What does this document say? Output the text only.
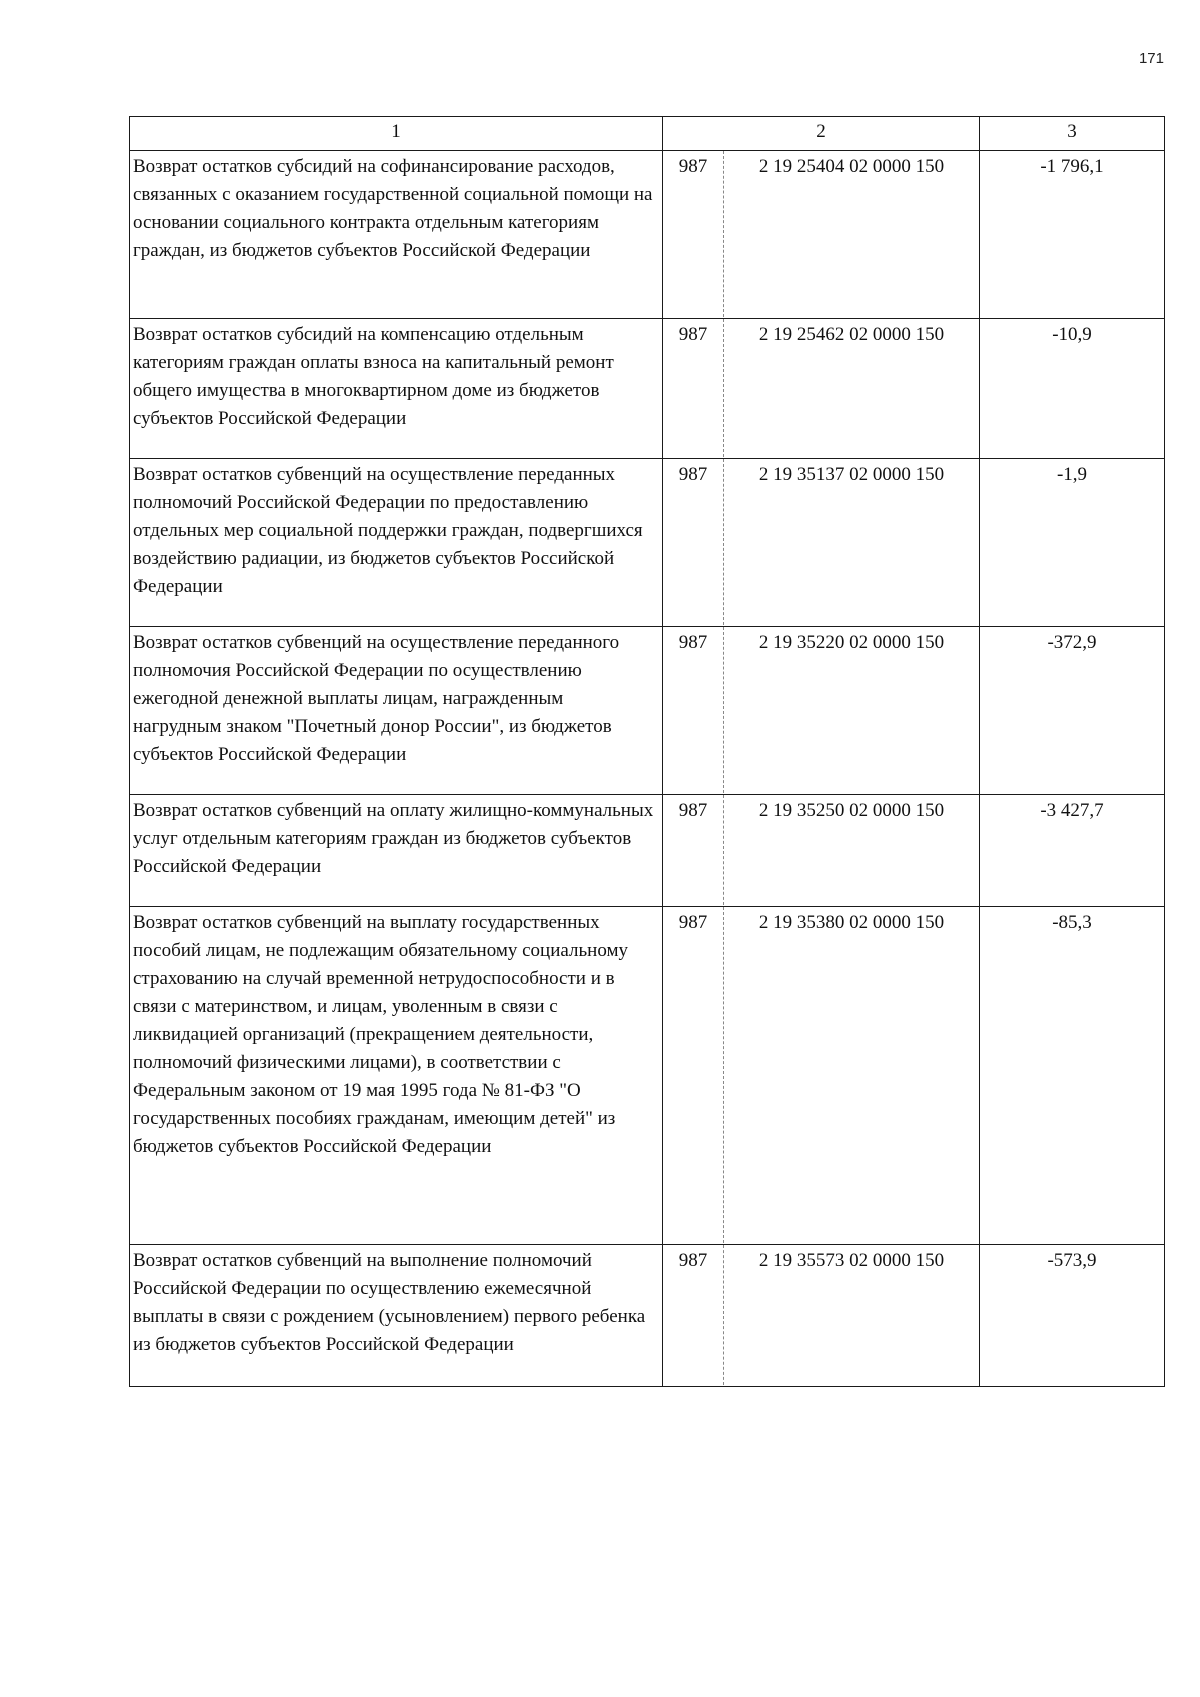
171
1	2	3
Возврат остатков субсидий на софинансирование расходов, связанных с оказанием государственной социальной помощи на основании социального контракта отдельным категориям граждан, из бюджетов субъектов Российской Федерации	987 2 19 25404 02 0000 150	-1 796,1
Возврат остатков субсидий на компенсацию отдельным категориям граждан оплаты взноса на капитальный ремонт общего имущества в многоквартирном доме из бюджетов субъектов Российской Федерации	987 2 19 25462 02 0000 150	-10,9
Возврат остатков субвенций на осуществление переданных полномочий Российской Федерации по предоставлению отдельных мер социальной поддержки граждан, подвергшихся воздействию радиации, из бюджетов субъектов Российской Федерации	987 2 19 35137 02 0000 150	-1,9
Возврат остатков субвенций на осуществление переданного полномочия Российской Федерации по осуществлению ежегодной денежной выплаты лицам, награжденным нагрудным знаком "Почетный донор России", из бюджетов субъектов Российской Федерации	987 2 19 35220 02 0000 150	-372,9
Возврат остатков субвенций на оплату жилищно-коммунальных услуг отдельным категориям граждан из бюджетов субъектов Российской Федерации	987 2 19 35250 02 0000 150	-3 427,7
Возврат остатков субвенций на выплату государственных пособий лицам, не подлежащим обязательному социальному страхованию на случай временной нетрудоспособности и в связи с материнством, и лицам, уволенным в связи с ликвидацией организаций (прекращением деятельности, полномочий физическими лицами), в соответствии с Федеральным законом от 19 мая 1995 года № 81-ФЗ "О государственных пособиях гражданам, имеющим детей" из бюджетов субъектов Российской Федерации	987 2 19 35380 02 0000 150	-85,3
Возврат остатков субвенций на выполнение полномочий Российской Федерации по осуществлению ежемесячной выплаты в связи с рождением (усыновлением) первого ребенка из бюджетов субъектов Российской Федерации	987 2 19 35573 02 0000 150	-573,9
